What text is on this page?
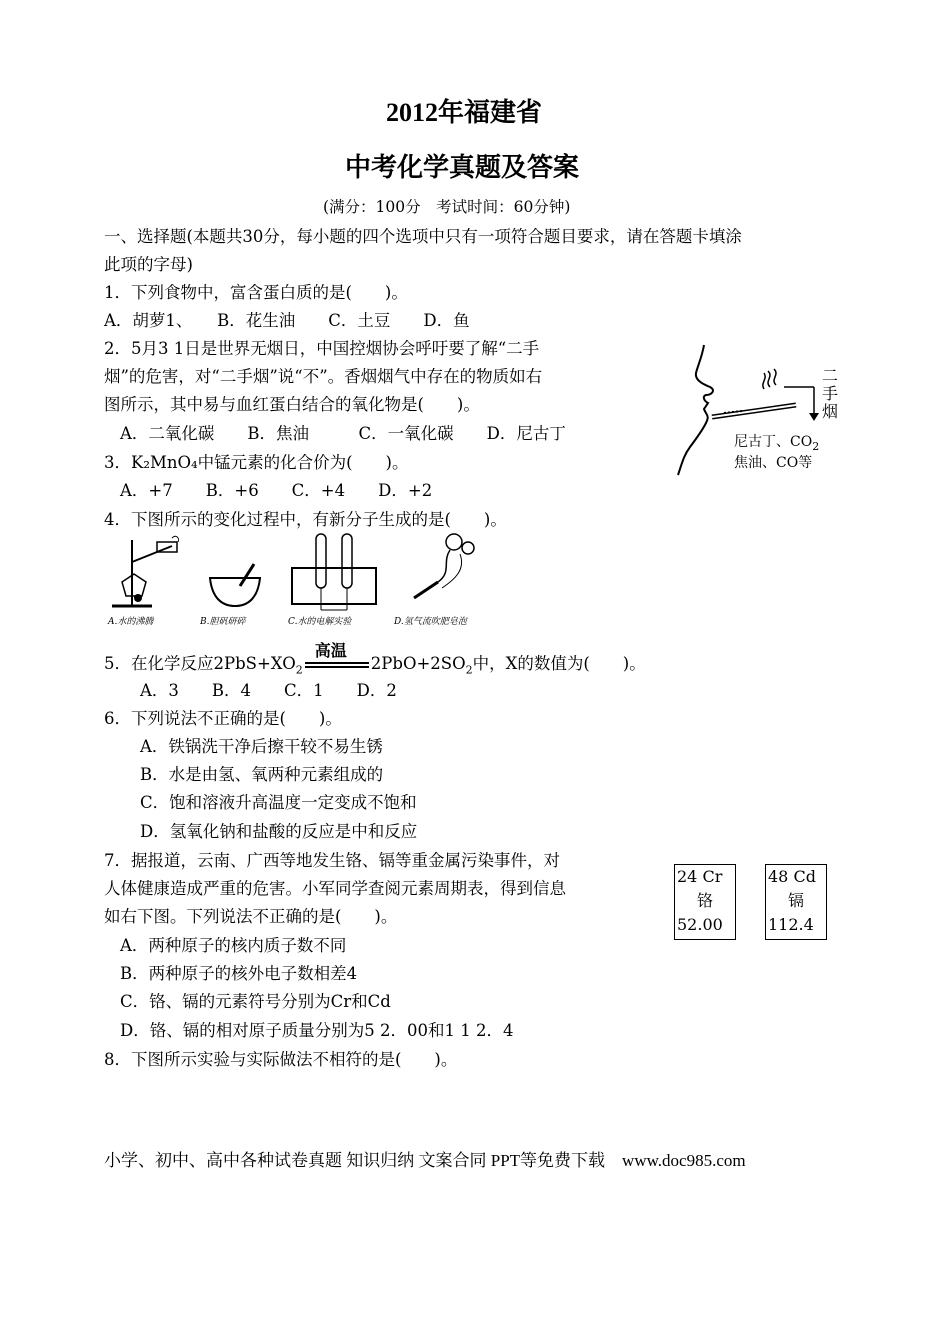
2012年福建省
中考化学真题及答案
(满分：100分　考试时间：60分钟)
一、选择题(本题共30分，每小题的四个选项中只有一项符合题目要求，请在答题卡填涂
此项的字母)
1．下列食物中，富含蛋白质的是(　　)。
A．胡萝1、　　B．花生油　　C．土豆　　D．鱼
2．5月3 1日是世界无烟日，中国控烟协会呼吁要了解“二手
烟”的危害，对“二手烟”说“不”。香烟烟气中存在的物质如右
图所示，其中易与血红蛋白结合的氧化物是(　　)。
A．二氧化碳　　B．焦油　　　C．一氧化碳　　D．尼古丁
二手烟
尼古丁、$CO_2$
焦油、CO等
3．K₂MnO₄中锰元素的化合价为(　　)。
A．+7　　B．+6　　C．+4　　D．+2
4．下图所示的变化过程中，有新分子生成的是(　　)。
A.水的沸腾	B.胆矾研碎	C.水的电解实验	D.氢气流吹肥皂泡
5．在化学反应$2PbS+XO_2$
高温
$2PbO+2SO_2$中，X的数值为(　　)。
A．3　　B．4　　C．1　　D．2
6．下列说法不正确的是(　　)。
A．铁锅洗干净后擦干较不易生锈
B．水是由氢、氧两种元素组成的
C．饱和溶液升高温度一定变成不饱和
D．氢氧化钠和盐酸的反应是中和反应
7．据报道，云南、广西等地发生铬、镉等重金属污染事件，对
人体健康造成严重的危害。小军同学查阅元素周期表，得到信息
如右下图。下列说法不正确的是(　　)。
A．两种原子的核内质子数不同
B．两种原子的核外电子数相差4
C．铬、镉的元素符号分别为Cr和Cd
D．铬、镉的相对原子质量分别为5 2．00和1 1 2．4
24 Cr
铬
52.00
48 Cd
镉
112.4
8．下图所示实验与实际做法不相符的是(　　)。
小学、初中、高中各种试卷真题 知识归纳 文案合同 PPT等免费下载　www.doc985.com
